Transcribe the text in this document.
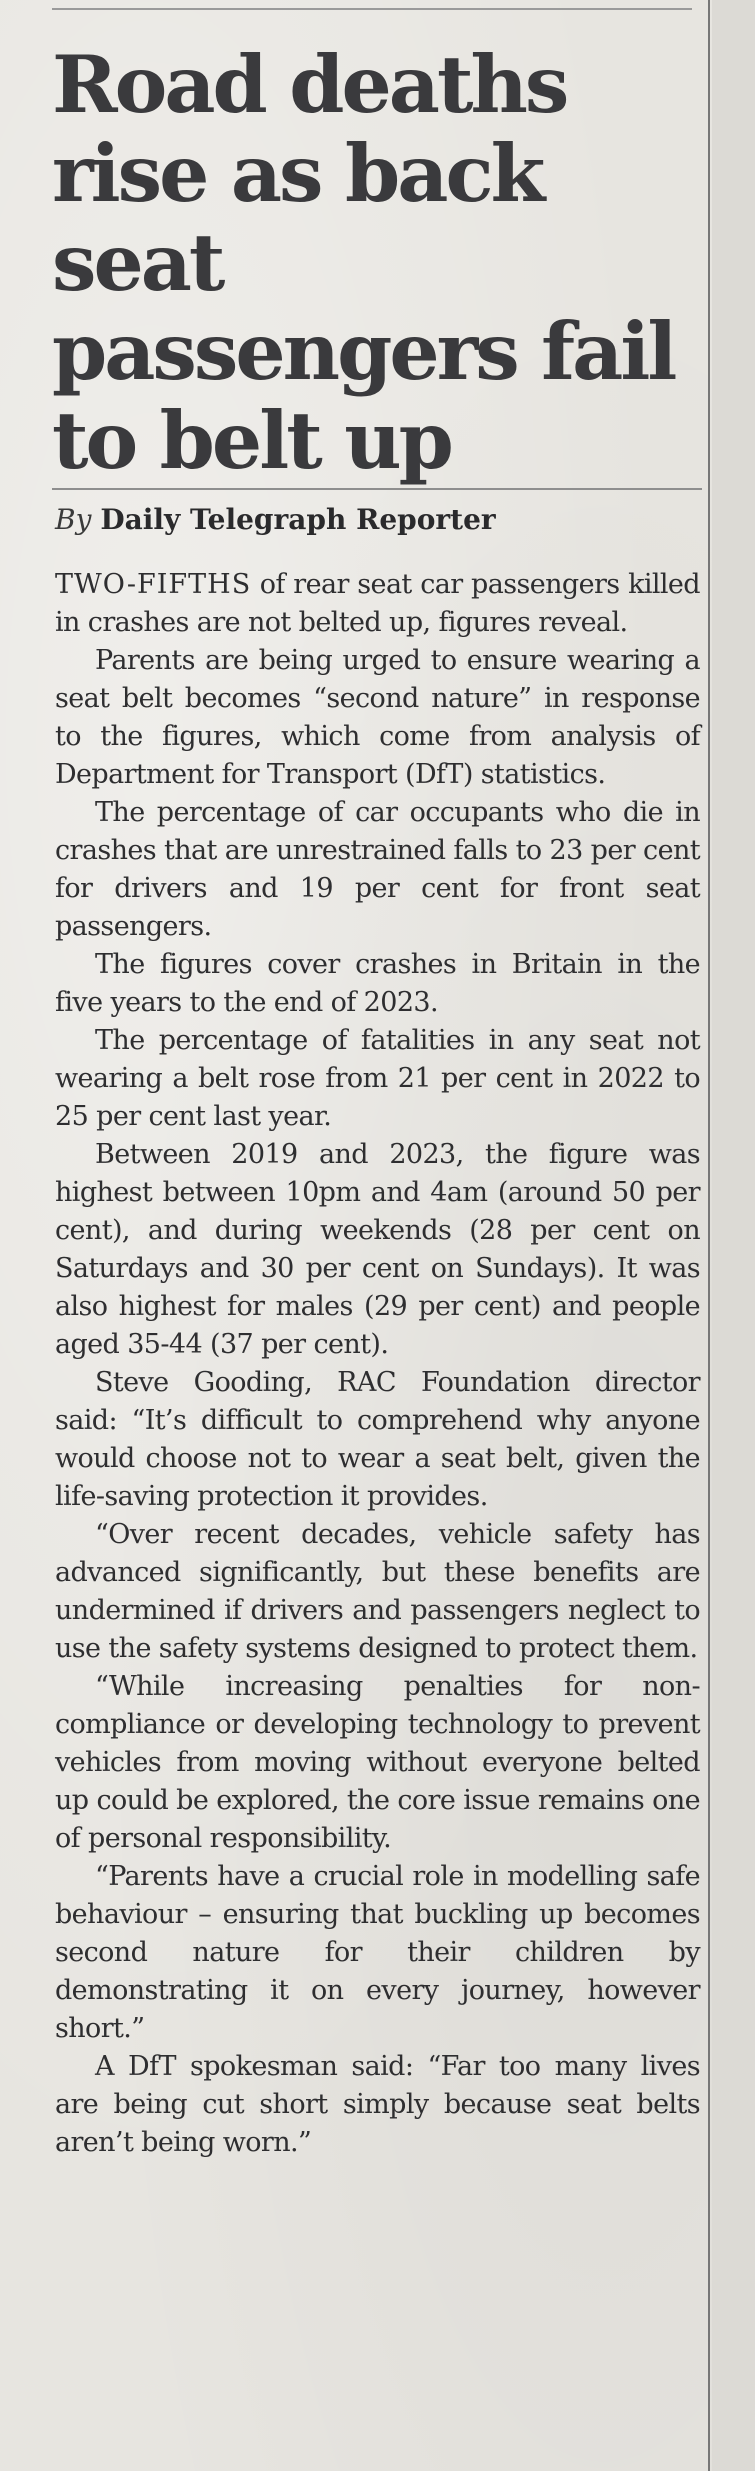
Road deaths rise as back seat passengers fail to belt up
By Daily Telegraph Reporter

TWO-FIFTHS of rear seat car passengers killed in crashes are not belted up, figures reveal.

Parents are being urged to ensure wearing a seat belt becomes “second nature” in response to the figures, which come from analysis of Department for Transport (DfT) statistics.

The percentage of car occupants who die in crashes that are unrestrained falls to 23 per cent for drivers and 19 per cent for front seat passengers.

The figures cover crashes in Britain in the five years to the end of 2023.

The percentage of fatalities in any seat not wearing a belt rose from 21 per cent in 2022 to 25 per cent last year.

Between 2019 and 2023, the figure was highest between 10pm and 4am (around 50 per cent), and during weekends (28 per cent on Saturdays and 30 per cent on Sundays). It was also highest for males (29 per cent) and people aged 35-44 (37 per cent).

Steve Gooding, RAC Foundation director said: “It’s difficult to comprehend why anyone would choose not to wear a seat belt, given the life-saving protection it provides.

“Over recent decades, vehicle safety has advanced significantly, but these benefits are undermined if drivers and passengers neglect to use the safety systems designed to protect them.

“While increasing penalties for non-compliance or developing technology to prevent vehicles from moving without everyone belted up could be explored, the core issue remains one of personal responsibility.

“Parents have a crucial role in modelling safe behaviour – ensuring that buckling up becomes second nature for their children by demonstrating it on every journey, however short.”

A DfT spokesman said: “Far too many lives are being cut short simply because seat belts aren’t being worn.”
